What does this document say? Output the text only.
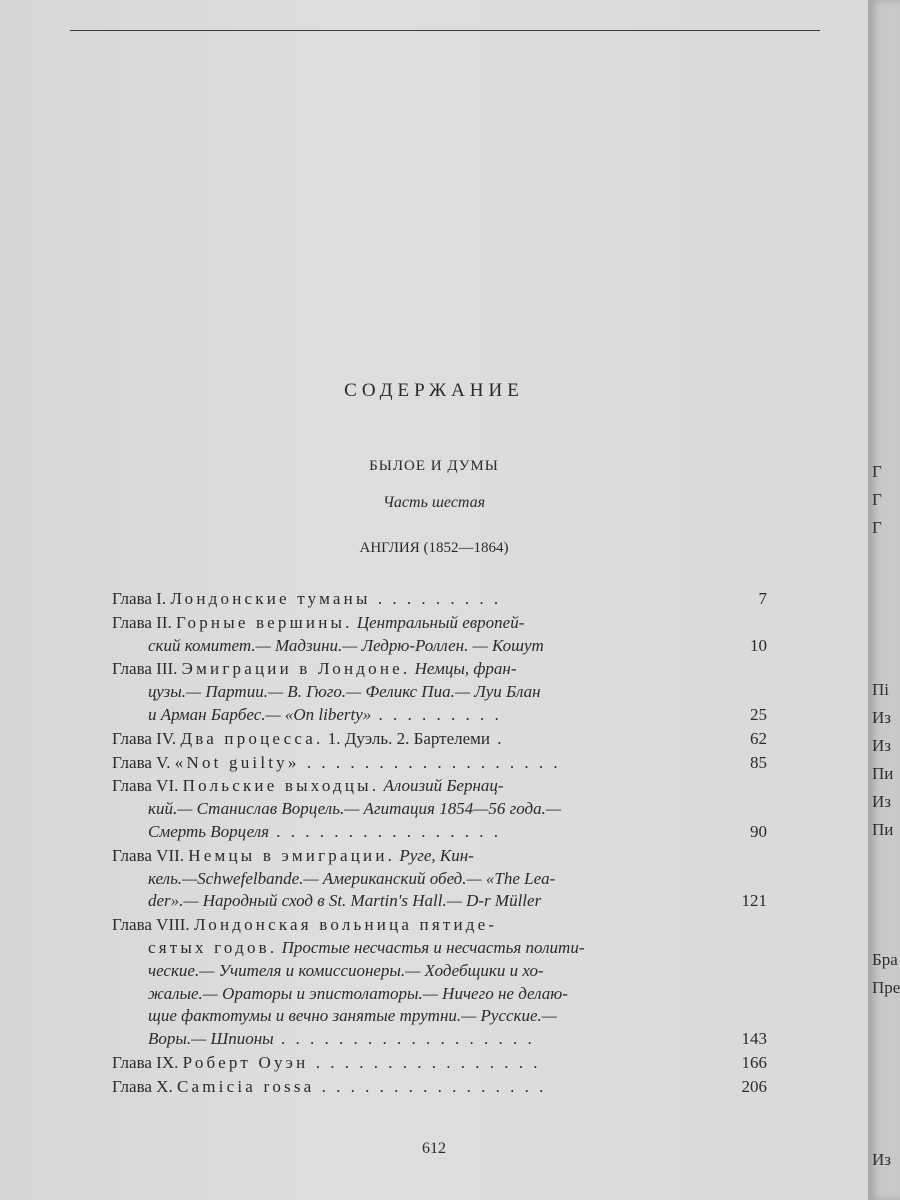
СОДЕРЖАНИЕ
БЫЛОЕ И ДУМЫ
Часть шестая
АНГЛИЯ (1852—1864)
Глава I. Лондонские туманы . . . . . . . . .	7
Глава II. Горные вершины. Центральный европей-
ский комитет.— Мадзини.— Ледрю-Роллен. — Кошут	10
Глава III. Эмиграции в Лондоне. Немцы, фран-
цузы.— Партии.— В. Гюго.— Феликс Пиа.— Луи Блан
и Арман Барбес.— «On liberty» . . . . . . . . .	25
Глава IV. Два процесса. 1. Дуэль. 2. Бартелеми .	62
Глава V. «Not guilty» . . . . . . . . . . . . . . . . . .	85
Глава VI. Польские выходцы. Алоизий Бернац-
кий.— Станислав Ворцель.— Агитация 1854—56 года.—
Смерть Ворцеля . . . . . . . . . . . . . . . .	90
Глава VII. Немцы в эмиграции. Руге, Кин-
кель.—Schwefelbande.— Американский обед.— «The Lea-
der».— Народный сход в St. Martin's Hall.— D-r Müller	121
Глава VIII. Лондонская вольница пятиде-
сятых годов. Простые несчастья и несчастья полити-
ческие.— Учителя и комиссионеры.— Ходебщики и хо-
жалые.— Ораторы и эпистолаторы.— Ничего не делаю-
щие фактотумы и вечно занятые трутни.— Русские.—
Воры.— Шпионы . . . . . . . . . . . . . . . . . .	143
Глава IX. Роберт Оуэн . . . . . . . . . . . . . . . .	166
Глава X. Camicia rossa . . . . . . . . . . . . . . . .	206
612
Г
Г
Г
Пі
Из
Из
Пи
Из
Пи
Бра
Пре
Из
